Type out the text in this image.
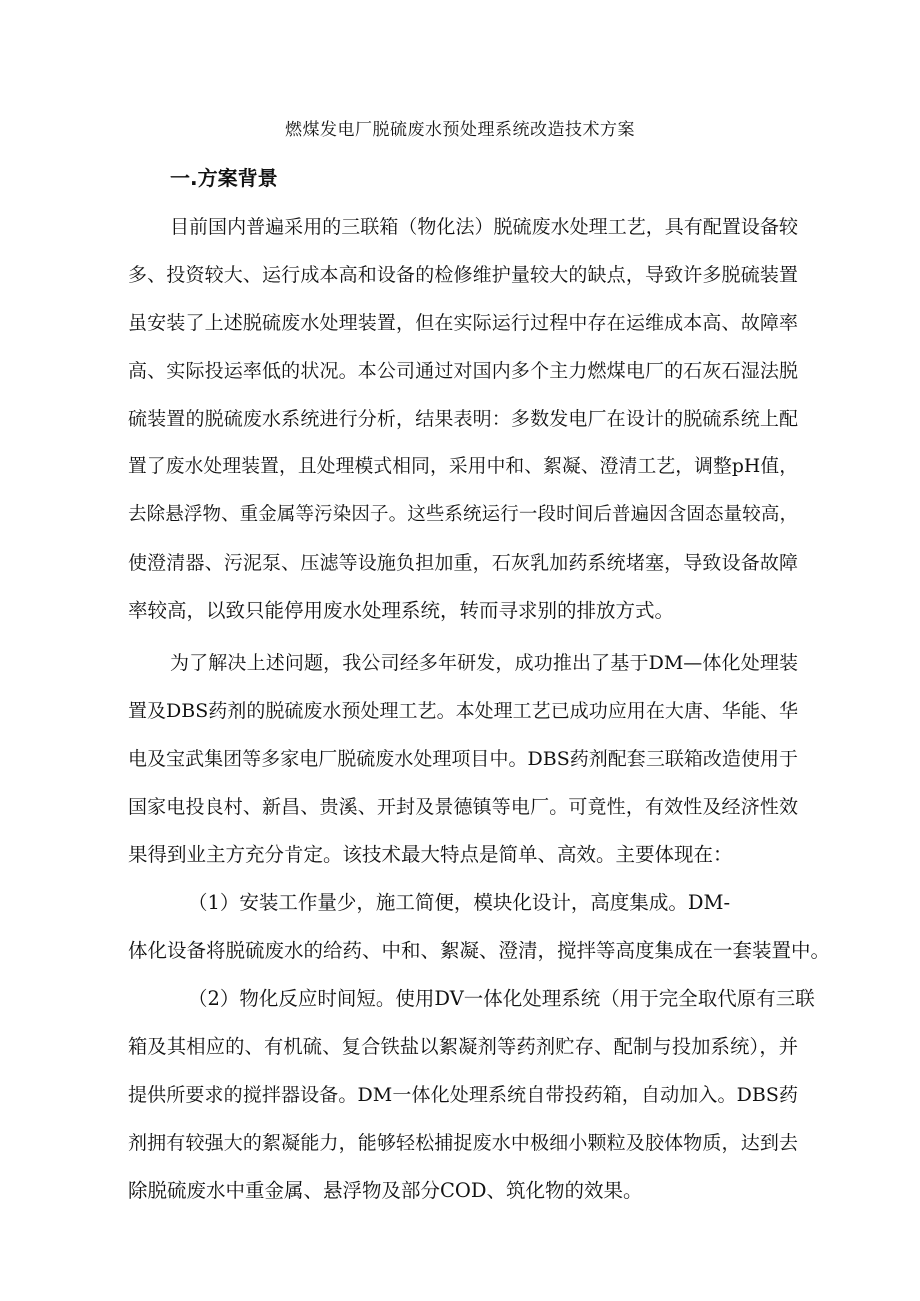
燃煤发电厂脱硫废水预处理系统改造技术方案
一.方案背景
目前国内普遍采用的三联箱（物化法）脱硫废水处理工艺，具有配置设备较
多、投资较大、运行成本高和设备的检修维护量较大的缺点，导致许多脱硫装置
虽安装了上述脱硫废水处理装置，但在实际运行过程中存在运维成本高、故障率
高、实际投运率低的状况。本公司通过对国内多个主力燃煤电厂的石灰石湿法脱
硫装置的脱硫废水系统进行分析，结果表明：多数发电厂在设计的脱硫系统上配
置了废水处理装置，且处理模式相同，采用中和、絮凝、澄清工艺，调整pH值，
去除悬浮物、重金属等污染因子。这些系统运行一段时间后普遍因含固态量较高，
使澄清器、污泥泵、压滤等设施负担加重，石灰乳加药系统堵塞，导致设备故障
率较高，以致只能停用废水处理系统，转而寻求别的排放方式。
为了解决上述问题，我公司经多年研发，成功推出了基于DM—体化处理装
置及DBS药剂的脱硫废水预处理工艺。本处理工艺已成功应用在大唐、华能、华
电及宝武集团等多家电厂脱硫废水处理项目中。DBS药剂配套三联箱改造使用于
国家电投良村、新昌、贵溪、开封及景德镇等电厂。可竟性，有效性及经济性效
果得到业主方充分肯定。该技术最大特点是简单、高效。主要体现在：
（1）安装工作量少，施工简便，模块化设计，高度集成。DM-
体化设备将脱硫废水的给药、中和、絮凝、澄清，搅拌等高度集成在一套装置中。
（2）物化反应时间短。使用DV一体化处理系统（用于完全取代原有三联
箱及其相应的、有机硫、复合铁盐以絮凝剂等药剂贮存、配制与投加系统），并
提供所要求的搅拌器设备。DM一体化处理系统自带投药箱，自动加入。DBS药
剂拥有较强大的絮凝能力，能够轻松捕捉废水中极细小颗粒及胶体物质，达到去
除脱硫废水中重金属、悬浮物及部分COD、筑化物的效果。
